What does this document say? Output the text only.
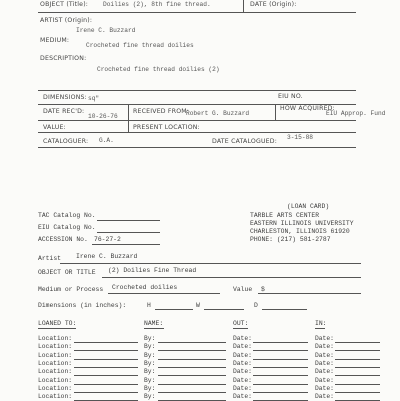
OBJECT (Title): Doilies (2), 8th fine thread.	DATE (Origin):
ARTIST (Origin):
Irene C. Buzzard
MEDIUM:
Crocheted fine thread doilies
DESCRIPTION:
Crocheted fine thread doilies (2)
DIMENSIONS: sq"	EIU NO.
DATE REC'D:
10-26-76
RECEIVED FROM:
Robert G. Buzzard
HOW ACQUIRED:
EIU Approp. Fund
VALUE:	PRESENT LOCATION:
CATALOGUER: G.A.	DATE CATALOGUED:
3-15-88
(LOAN CARD)
TARBLE ARTS CENTER
EASTERN ILLINOIS UNIVERSITY
CHARLESTON, ILLINOIS 61920
PHONE: (217) 581-2787
TAC Catalog No.
EIU Catalog No.
ACCESSION No. 76-27-2
Artist Irene C. Buzzard
OBJECT OR TITLE (2) Doilies Fine Thread
Medium or Process Crocheted doilies	Value $
Dimensions (in inches):	H	W	D
LOANED TO:	NAME:	OUT:	IN:
Location:	By:	Date:	Date:
Location:	By:	Date:	Date:
Location:	By:	Date:	Date:
Location:	By:	Date:	Date:
Location:	By:	Date:	Date:
Location:	By:	Date:	Date:
Location:	By:	Date:	Date:
Location:	By:	Date:	Date:
